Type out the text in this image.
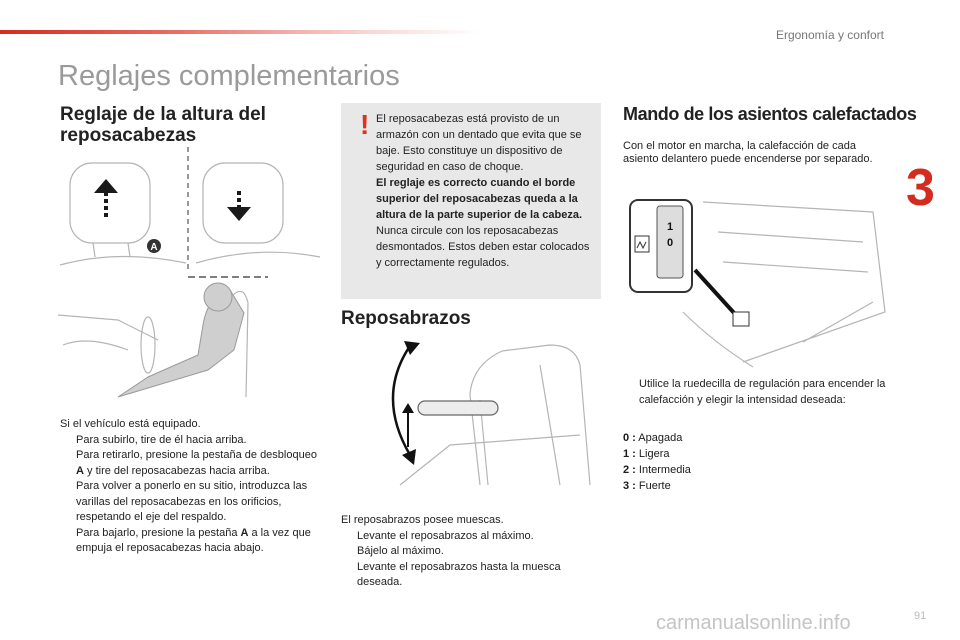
Ergonomía y confort
Reglajes complementarios
3
Reglaje de la altura del
reposacabezas
A
Si el vehículo está equipado.
Para subirlo, tire de él hacia arriba.
Para retirarlo, presione la pestaña de desbloqueo A y tire del reposacabezas hacia arriba.
Para volver a ponerlo en su sitio, introduzca las varillas del reposacabezas en los orificios, respetando el eje del respaldo.
Para bajarlo, presione la pestaña A a la vez que empuja el reposacabezas hacia abajo.
! El reposacabezas está provisto de un armazón con un dentado que evita que se baje. Esto constituye un dispositivo de seguridad en caso de choque.
El reglaje es correcto cuando el borde superior del reposacabezas queda a la altura de la parte superior de la cabeza.
Nunca circule con los reposacabezas desmontados. Estos deben estar colocados y correctamente regulados.
Reposabrazos
El reposabrazos posee muescas.
Levante el reposabrazos al máximo.
Bájelo al máximo.
Levante el reposabrazos hasta la muesca deseada.
Mando de los asientos calefactados
Con el motor en marcha, la calefacción de cada asiento delantero puede encenderse por separado.
1
0
Utilice la ruedecilla de regulación para encender la calefacción y elegir la intensidad deseada:
0 : Apagada
1 : Ligera
2 : Intermedia
3 : Fuerte
carmanualsonline.info	91
